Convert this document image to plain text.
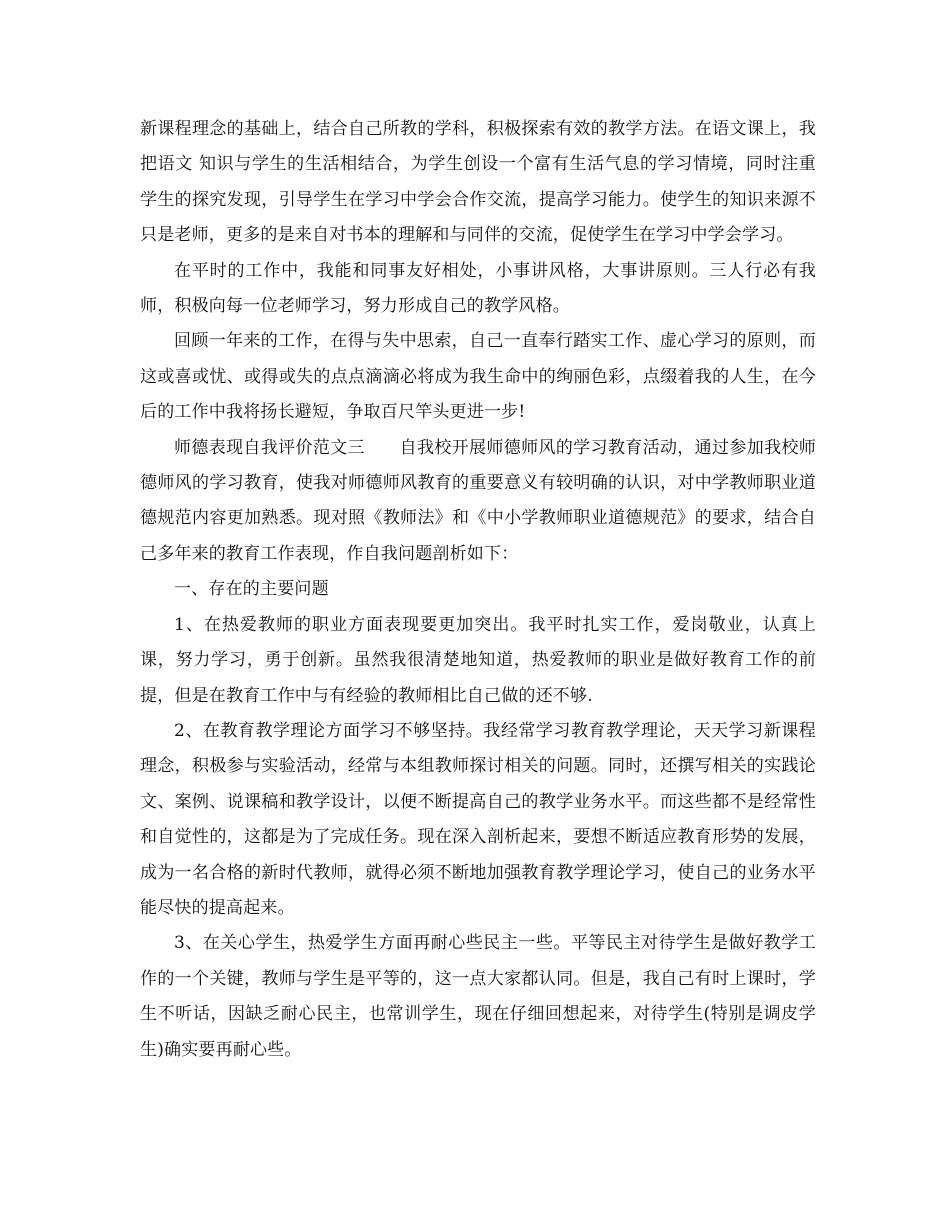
新课程理念的基础上，结合自己所教的学科，积极探索有效的教学方法。在语文课上，我把语文 知识与学生的生活相结合，为学生创设一个富有生活气息的学习情境，同时注重学生的探究发现，引导学生在学习中学会合作交流，提高学习能力。使学生的知识来源不只是老师，更多的是来自对书本的理解和与同伴的交流，促使学生在学习中学会学习。

在平时的工作中，我能和同事友好相处，小事讲风格，大事讲原则。三人行必有我师，积极向每一位老师学习，努力形成自己的教学风格。

回顾一年来的工作，在得与失中思索，自己一直奉行踏实工作、虚心学习的原则，而这或喜或忧、或得或失的点点滴滴必将成为我生命中的绚丽色彩，点缀着我的人生，在今后的工作中我将扬长避短，争取百尺竿头更进一步!

师德表现自我评价范文三　　自我校开展师德师风的学习教育活动，通过参加我校师德师风的学习教育，使我对师德师风教育的重要意义有较明确的认识，对中学教师职业道德规范内容更加熟悉。现对照《教师法》和《中小学教师职业道德规范》的要求，结合自己多年来的教育工作表现，作自我问题剖析如下：

一、存在的主要问题

1、在热爱教师的职业方面表现要更加突出。我平时扎实工作，爱岗敬业，认真上课，努力学习，勇于创新。虽然我很清楚地知道，热爱教师的职业是做好教育工作的前提，但是在教育工作中与有经验的教师相比自己做的还不够.

2、在教育教学理论方面学习不够坚持。我经常学习教育教学理论，天天学习新课程理念，积极参与实验活动，经常与本组教师探讨相关的问题。同时，还撰写相关的实践论文、案例、说课稿和教学设计，以便不断提高自己的教学业务水平。而这些都不是经常性和自觉性的，这都是为了完成任务。现在深入剖析起来，要想不断适应教育形势的发展，成为一名合格的新时代教师，就得必须不断地加强教育教学理论学习，使自己的业务水平能尽快的提高起来。

3、在关心学生，热爱学生方面再耐心些民主一些。平等民主对待学生是做好教学工作的一个关键，教师与学生是平等的，这一点大家都认同。但是，我自己有时上课时，学生不听话，因缺乏耐心民主，也常训学生，现在仔细回想起来，对待学生(特别是调皮学生)确实要再耐心些。
